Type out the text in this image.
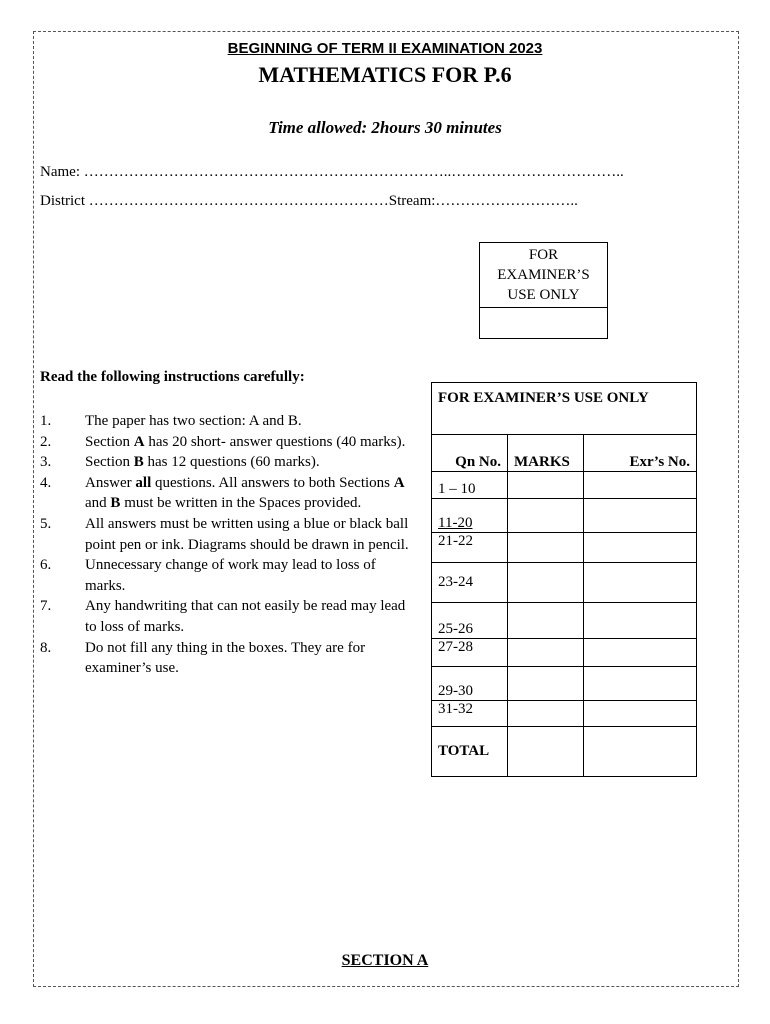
BEGINNING OF TERM II EXAMINATION 2023
MATHEMATICS FOR P.6
Time allowed: 2hours 30 minutes
Name: ………………………………………………………………..……………………………..
District ……………………………………………………Stream:………………………..
FOR
EXAMINER’S
USE ONLY
Read the following instructions carefully:
1.	The paper has two section: A and B.
2.	Section A has 20 short- answer questions (40 marks).
3.	Section B has 12 questions (60 marks).
4.	Answer all questions. All answers to both Sections A and B must be written in the Spaces provided.
5.	All answers must be written using a blue or black ball point pen or ink. Diagrams should be drawn in pencil.
6.	Unnecessary change of work may lead to loss of marks.
7.	Any handwriting that can not easily be read may lead to loss of marks.
8.	Do not fill any thing in the boxes. They are for examiner’s use.
FOR EXAMINER’S USE ONLY		
Qn No.	MARKS	Exr’s No.
1 – 10		
11-20		
21-22		
23-24		
25-26		
27-28		
29-30		
31-32		
TOTAL		
SECTION A
